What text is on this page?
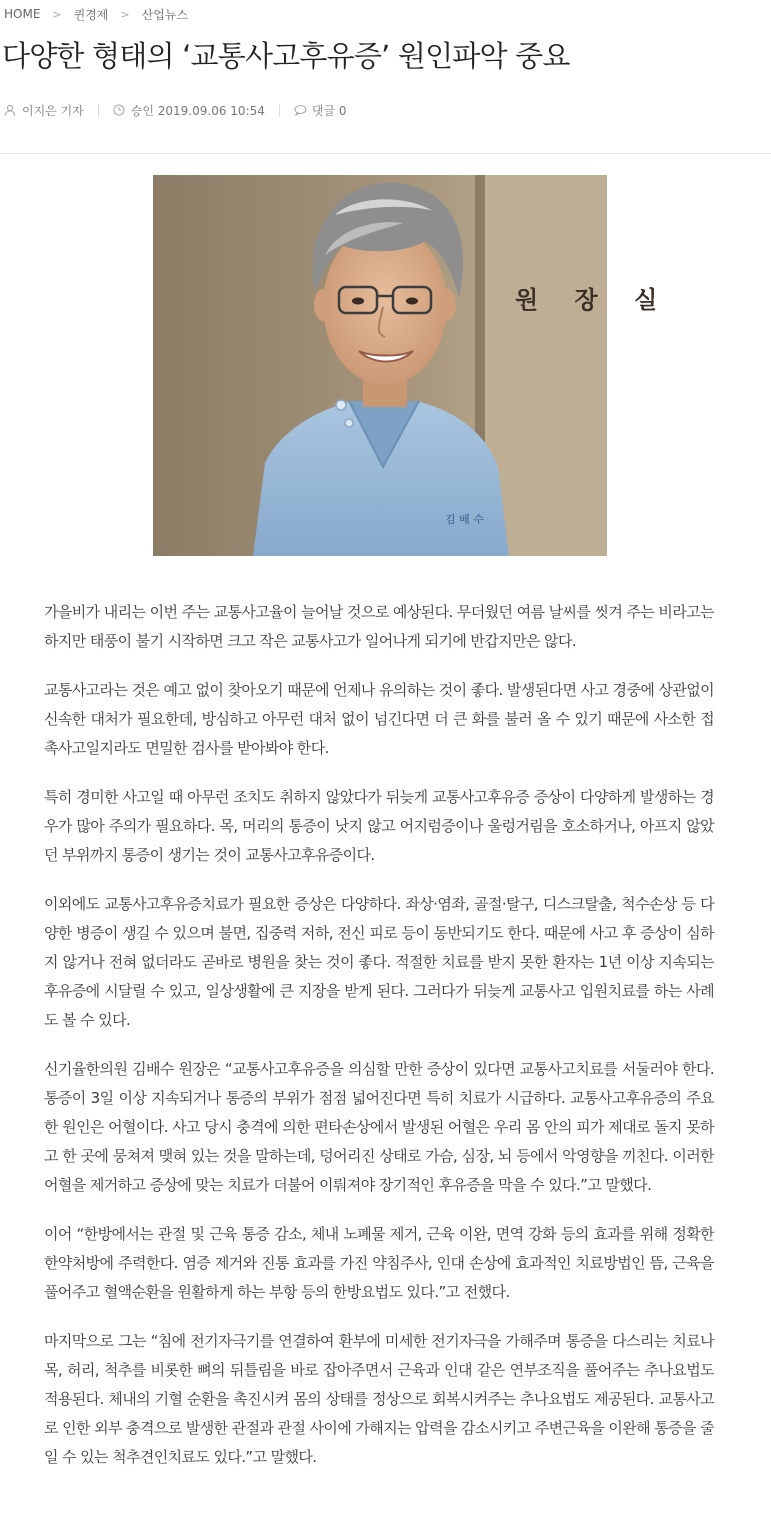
HOME > 퀸경제 > 산업뉴스
다양한 형태의 ‘교통사고후유증’ 원인파악 중요
이지은 기자	승인 2019.09.06 10:54	댓글 0
원 장 실
김 배 수

가을비가 내리는 이번 주는 교통사고율이 늘어날 것으로 예상된다. 무더웠던 여름 날씨를 씻겨 주는 비라고는 하지만 태풍이 불기 시작하면 크고 작은 교통사고가 일어나게 되기에 반갑지만은 않다.

교통사고라는 것은 예고 없이 찾아오기 때문에 언제나 유의하는 것이 좋다. 발생된다면 사고 경중에 상관없이 신속한 대처가 필요한데, 방심하고 아무런 대처 없이 넘긴다면 더 큰 화를 불러 올 수 있기 때문에 사소한 접촉사고일지라도 면밀한 검사를 받아봐야 한다.

특히 경미한 사고일 때 아무런 조치도 취하지 않았다가 뒤늦게 교통사고후유증 증상이 다양하게 발생하는 경우가 많아 주의가 필요하다. 목, 머리의 통증이 낫지 않고 어지럼증이나 울렁거림을 호소하거나, 아프지 않았던 부위까지 통증이 생기는 것이 교통사고후유증이다.

이외에도 교통사고후유증치료가 필요한 증상은 다양하다. 좌상·염좌, 골절·탈구, 디스크탈출, 척수손상 등 다양한 병증이 생길 수 있으며 불면, 집중력 저하, 전신 피로 등이 동반되기도 한다. 때문에 사고 후 증상이 심하지 않거나 전혀 없더라도 곧바로 병원을 찾는 것이 좋다. 적절한 치료를 받지 못한 환자는 1년 이상 지속되는 후유증에 시달릴 수 있고, 일상생활에 큰 지장을 받게 된다. 그러다가 뒤늦게 교통사고 입원치료를 하는 사례도 볼 수 있다.

신기율한의원 김배수 원장은 “교통사고후유증을 의심할 만한 증상이 있다면 교통사고치료를 서둘러야 한다. 통증이 3일 이상 지속되거나 통증의 부위가 점점 넓어진다면 특히 치료가 시급하다. 교통사고후유증의 주요한 원인은 어혈이다. 사고 당시 충격에 의한 편타손상에서 발생된 어혈은 우리 몸 안의 피가 제대로 돌지 못하고 한 곳에 뭉쳐져 맺혀 있는 것을 말하는데, 덩어리진 상태로 가슴, 심장, 뇌 등에서 악영향을 끼친다. 이러한 어혈을 제거하고 증상에 맞는 치료가 더불어 이뤄져야 장기적인 후유증을 막을 수 있다.”고 말했다.

이어 “한방에서는 관절 및 근육 통증 감소, 체내 노폐물 제거, 근육 이완, 면역 강화 등의 효과를 위해 정확한 한약처방에 주력한다. 염증 제거와 진통 효과를 가진 약침주사, 인대 손상에 효과적인 치료방법인 뜸, 근육을 풀어주고 혈액순환을 원활하게 하는 부항 등의 한방요법도 있다.”고 전했다.

마지막으로 그는 “침에 전기자극기를 연결하여 환부에 미세한 전기자극을 가해주며 통증을 다스리는 치료나 목, 허리, 척추를 비롯한 뼈의 뒤틀림을 바로 잡아주면서 근육과 인대 같은 연부조직을 풀어주는 추나요법도 적용된다. 체내의 기혈 순환을 촉진시켜 몸의 상태를 정상으로 회복시켜주는 추나요법도 제공된다. 교통사고로 인한 외부 충격으로 발생한 관절과 관절 사이에 가해지는 압력을 감소시키고 주변근육을 이완해 통증을 줄일 수 있는 척추견인치료도 있다.”고 말했다.
